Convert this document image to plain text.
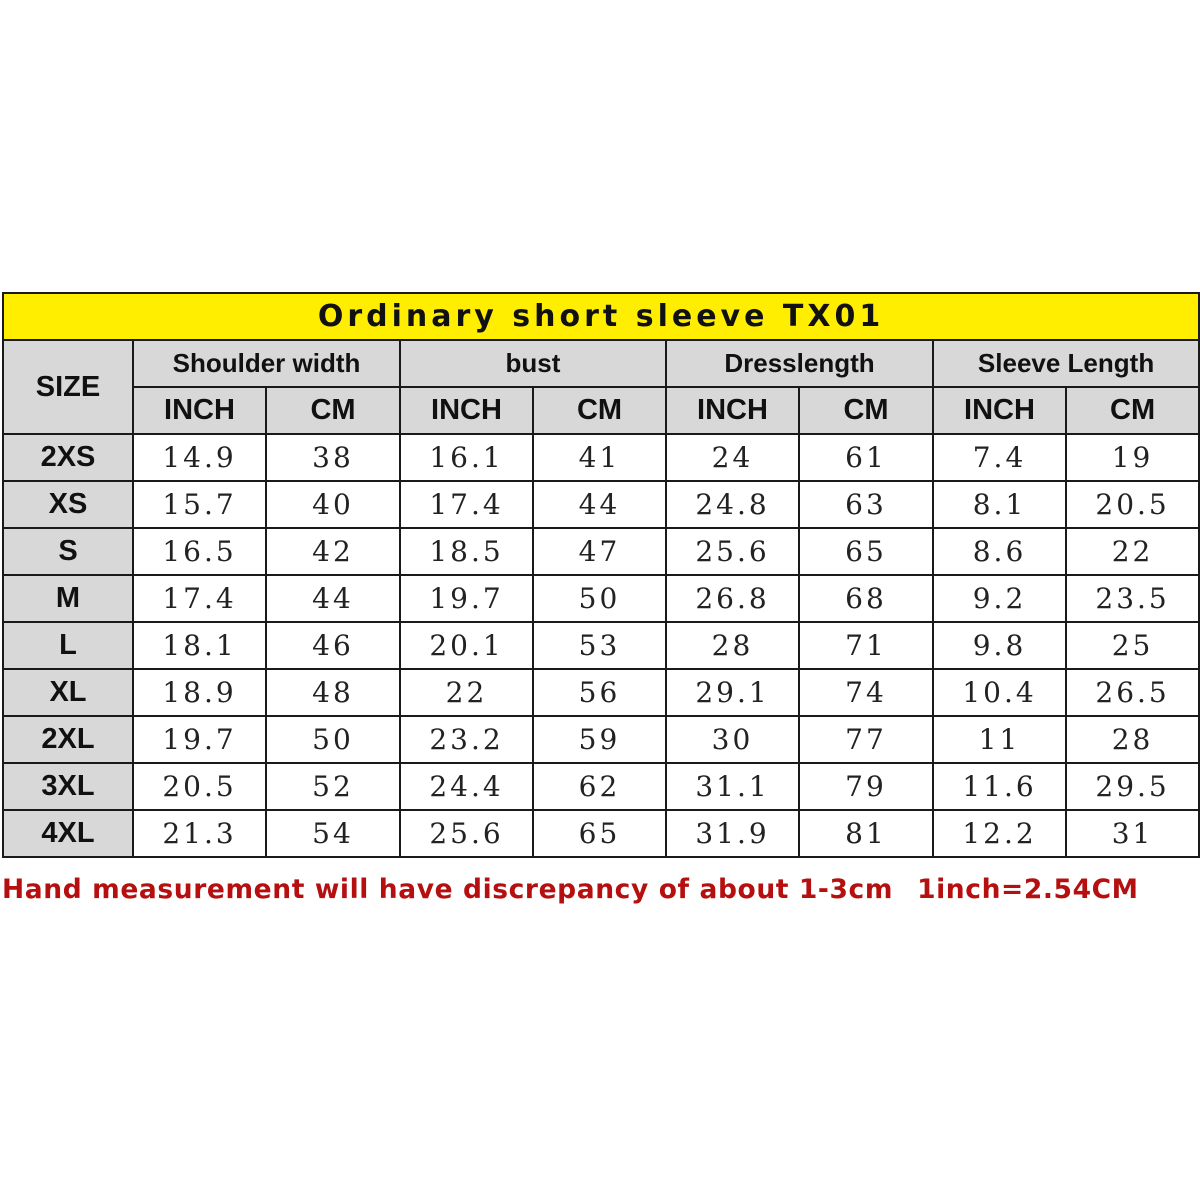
Ordinary short sleeve TX01								
SIZE	Shoulder width		bust		Dresslength		Sleeve Length	
	INCH	CM	INCH	CM	INCH	CM	INCH	CM
2XS	14.9	38	16.1	41	24	61	7.4	19
XS	15.7	40	17.4	44	24.8	63	8.1	20.5
S	16.5	42	18.5	47	25.6	65	8.6	22
M	17.4	44	19.7	50	26.8	68	9.2	23.5
L	18.1	46	20.1	53	28	71	9.8	25
XL	18.9	48	22	56	29.1	74	10.4	26.5
2XL	19.7	50	23.2	59	30	77	11	28
3XL	20.5	52	24.4	62	31.1	79	11.6	29.5
4XL	21.3	54	25.6	65	31.9	81	12.2	31
Hand measurement will have discrepancy of about 1-3cm 1inch=2.54CM
